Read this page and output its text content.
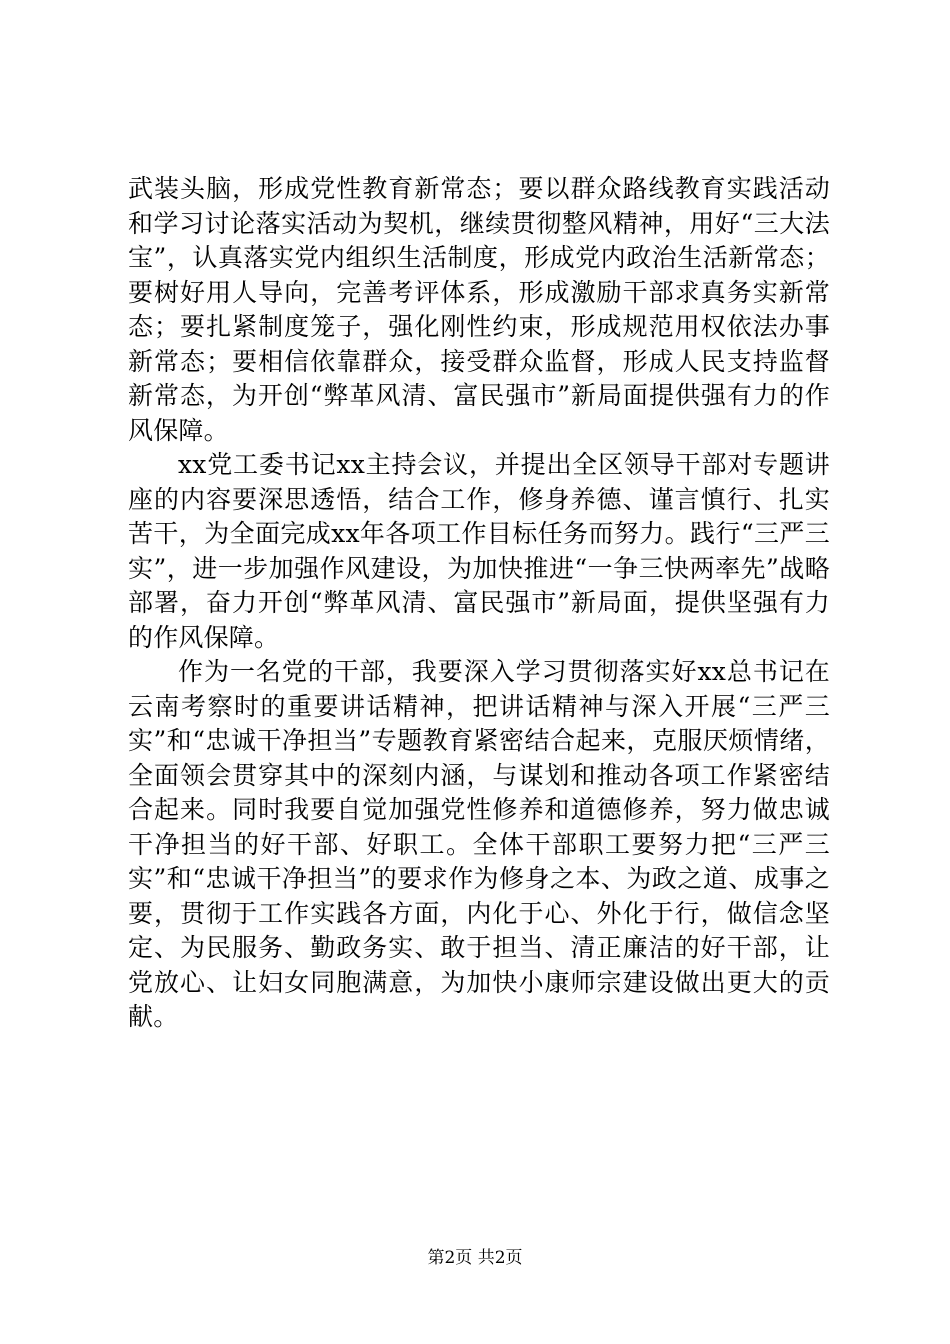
武装头脑，形成党性教育新常态；要以群众路线教育实践活动和学习讨论落实活动为契机，继续贯彻整风精神，用好“三大法宝”，认真落实党内组织生活制度，形成党内政治生活新常态；要树好用人导向，完善考评体系，形成激励干部求真务实新常态；要扎紧制度笼子，强化刚性约束，形成规范用权依法办事新常态；要相信依靠群众，接受群众监督，形成人民支持监督新常态，为开创“弊革风清、富民强市”新局面提供强有力的作风保障。

xx党工委书记xx主持会议，并提出全区领导干部对专题讲座的内容要深思透悟，结合工作，修身养德、谨言慎行、扎实苦干，为全面完成xx年各项工作目标任务而努力。践行“三严三实”，进一步加强作风建设，为加快推进“一争三快两率先”战略部署，奋力开创“弊革风清、富民强市”新局面，提供坚强有力的作风保障。

作为一名党的干部，我要深入学习贯彻落实好xx总书记在云南考察时的重要讲话精神，把讲话精神与深入开展“三严三实”和“忠诚干净担当”专题教育紧密结合起来，克服厌烦情绪，全面领会贯穿其中的深刻内涵，与谋划和推动各项工作紧密结合起来。同时我要自觉加强党性修养和道德修养，努力做忠诚干净担当的好干部、好职工。全体干部职工要努力把“三严三实”和“忠诚干净担当”的要求作为修身之本、为政之道、成事之要，贯彻于工作实践各方面，内化于心、外化于行，做信念坚定、为民服务、勤政务实、敢于担当、清正廉洁的好干部，让党放心、让妇女同胞满意，为加快小康师宗建设做出更大的贡献。

第2页 共2页
